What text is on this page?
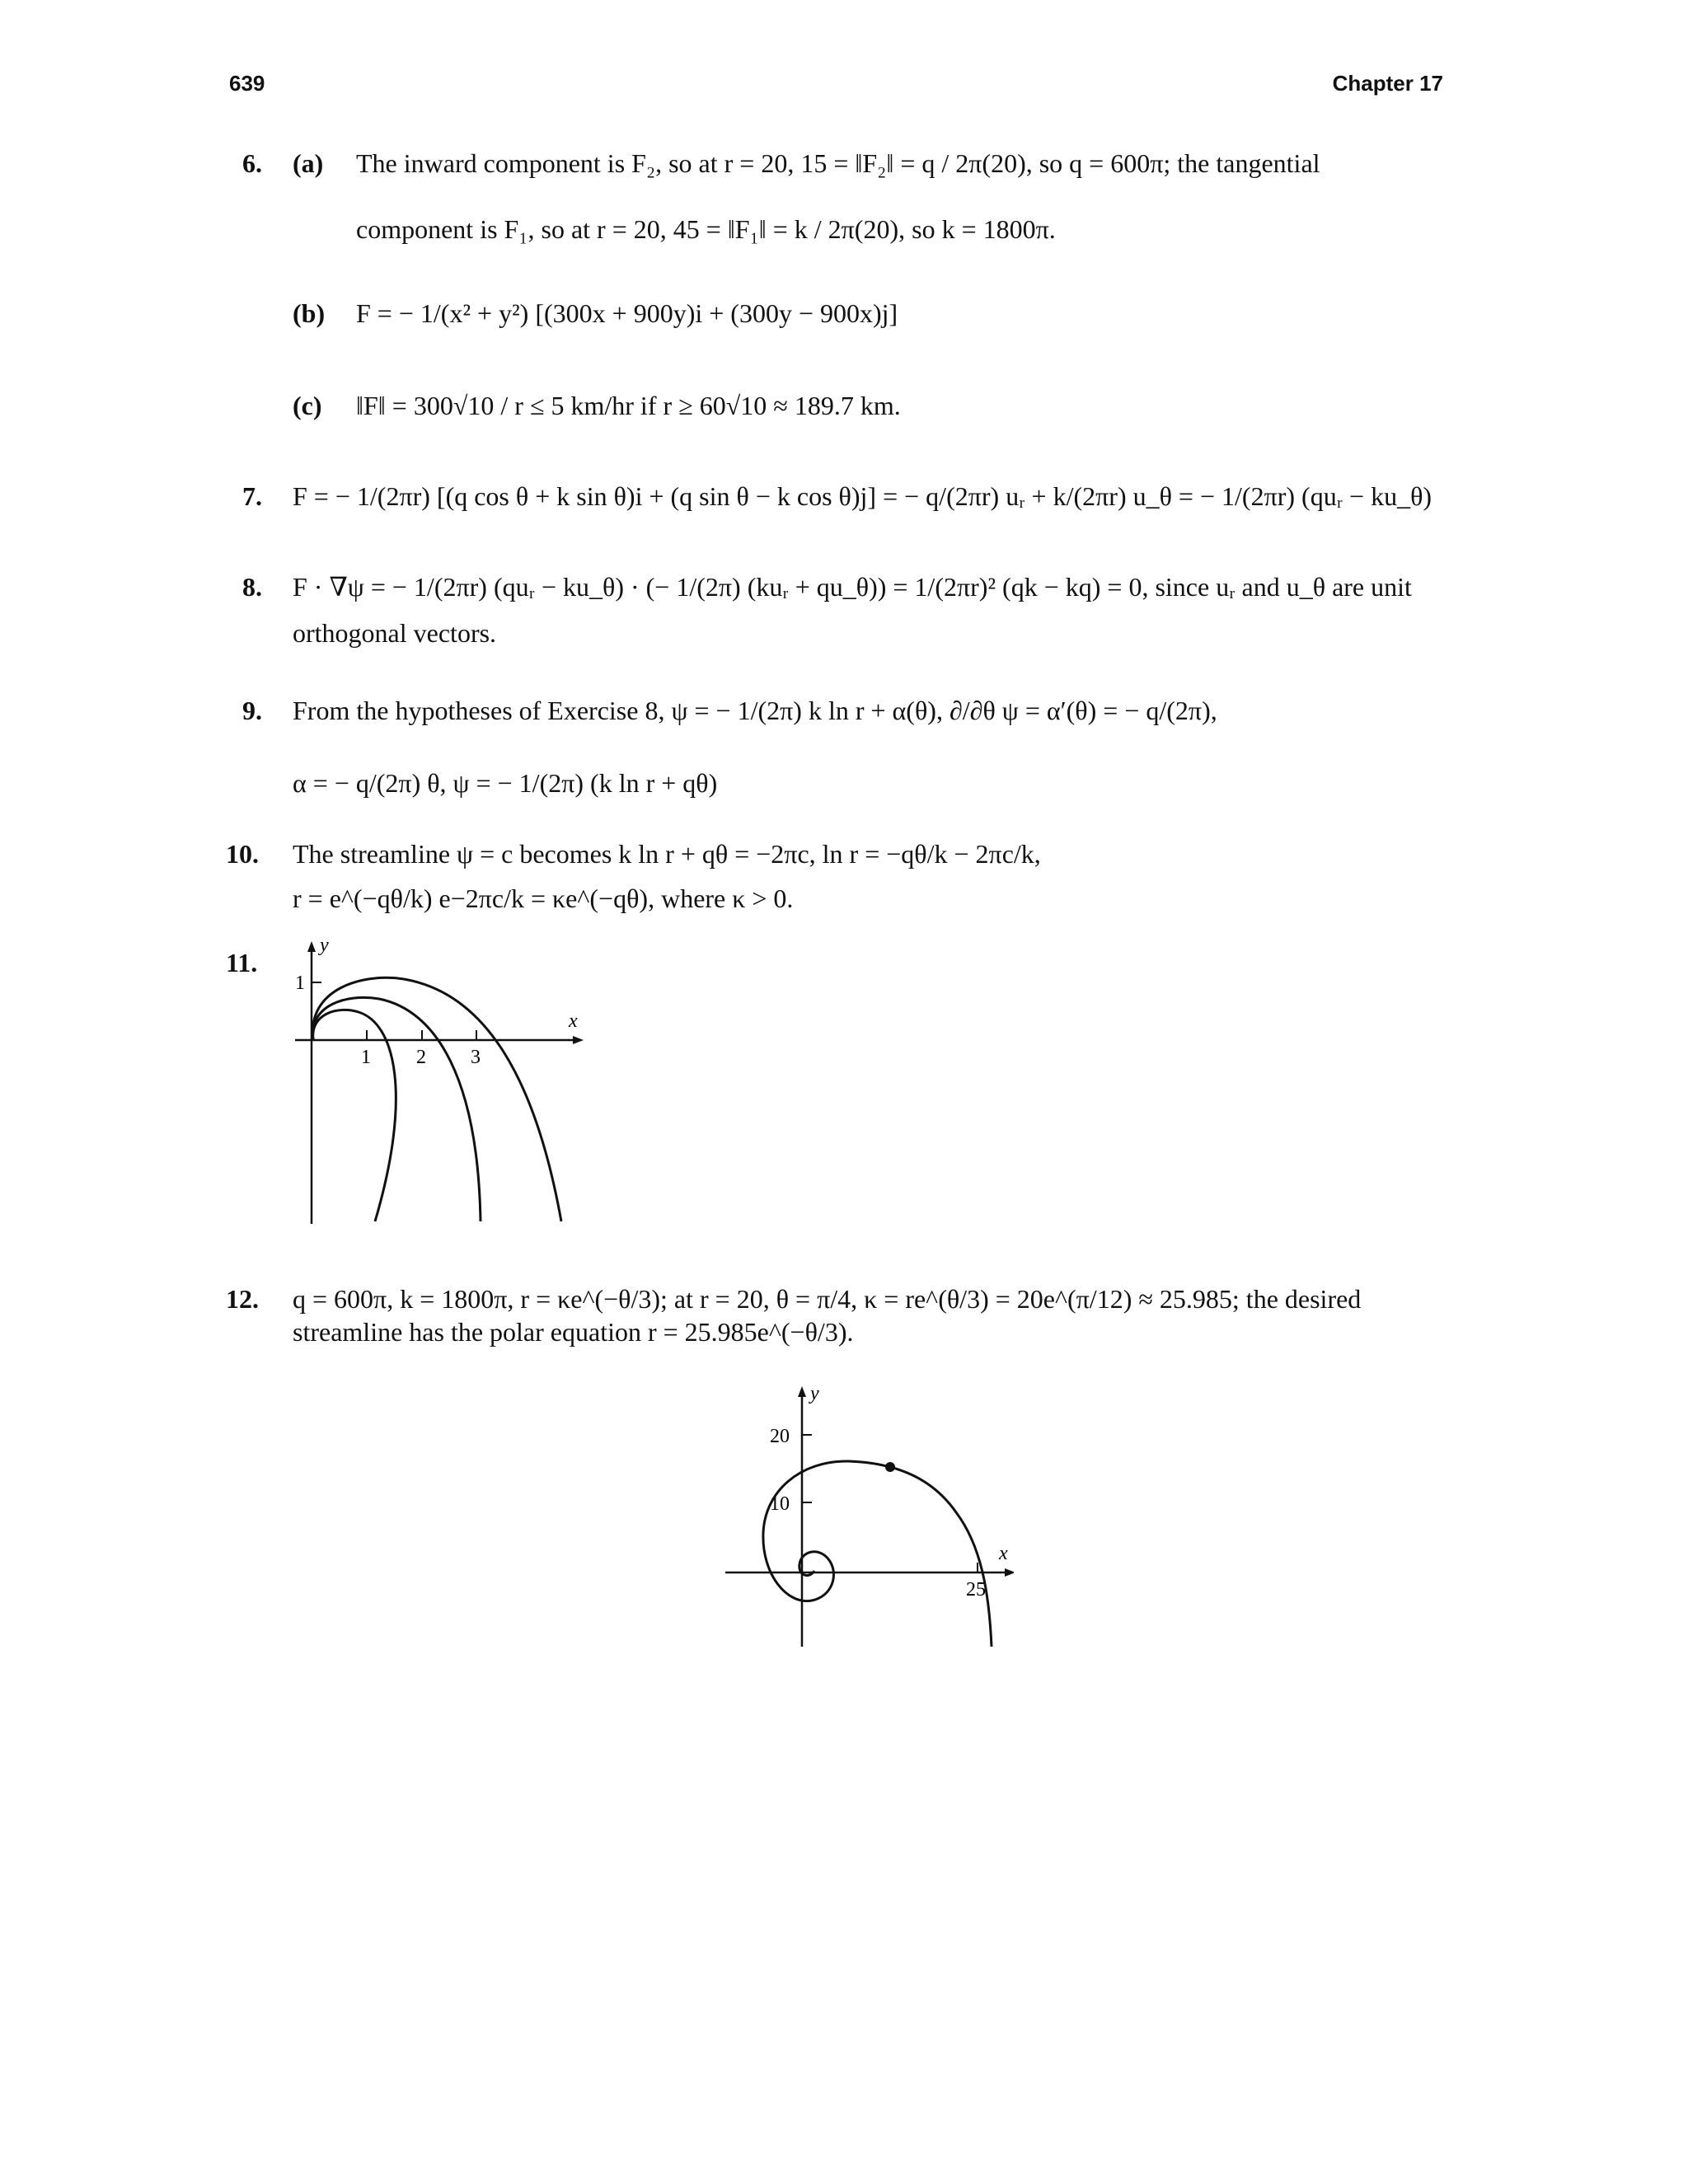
639	Chapter 17
6. (a) The inward component is F₂, so at r = 20, 15 = ‖F₂‖ = q / 2π(20), so q = 600π; the tangential
component is F₁, so at r = 20, 45 = ‖F₁‖ = k / 2π(20), so k = 1800π.
(b) F = − 1/(x² + y²) [(300x + 900y)i + (300y − 900x)j]
(c) ‖F‖ = 300√10 / r ≤ 5 km/hr if r ≥ 60√10 ≈ 189.7 km.
7. F = − 1/(2πr) [(q cos θ + k sin θ)i + (q sin θ − k cos θ)j] = − q/(2πr) uᵣ + k/(2πr) u_θ = − 1/(2πr) (quᵣ − ku_θ)
8. F · ∇ψ = − 1/(2πr) (quᵣ − ku_θ) · (− 1/(2π) (kuᵣ + qu_θ)) = 1/(2πr)² (qk − kq) = 0, since uᵣ and u_θ are unit
orthogonal vectors.
9. From the hypotheses of Exercise 8, ψ = − 1/(2π) k ln r + α(θ), ∂/∂θ ψ = α′(θ) = − q/(2π),
α = − q/(2π) θ, ψ = − 1/(2π) (k ln r + qθ)
10. The streamline ψ = c becomes k ln r + qθ = −2πc, ln r = −qθ/k − 2πc/k,
r = e^(−qθ/k) e−2πc/k = κe^(−qθ), where κ > 0.
11.
y
x
1
1 2 3
12. q = 600π, k = 1800π, r = κe^(−θ/3); at r = 20, θ = π/4, κ = re^(θ/3) = 20e^(π/12) ≈ 25.985; the desired
streamline has the polar equation r = 25.985e^(−θ/3).
y
x
20
10
25
